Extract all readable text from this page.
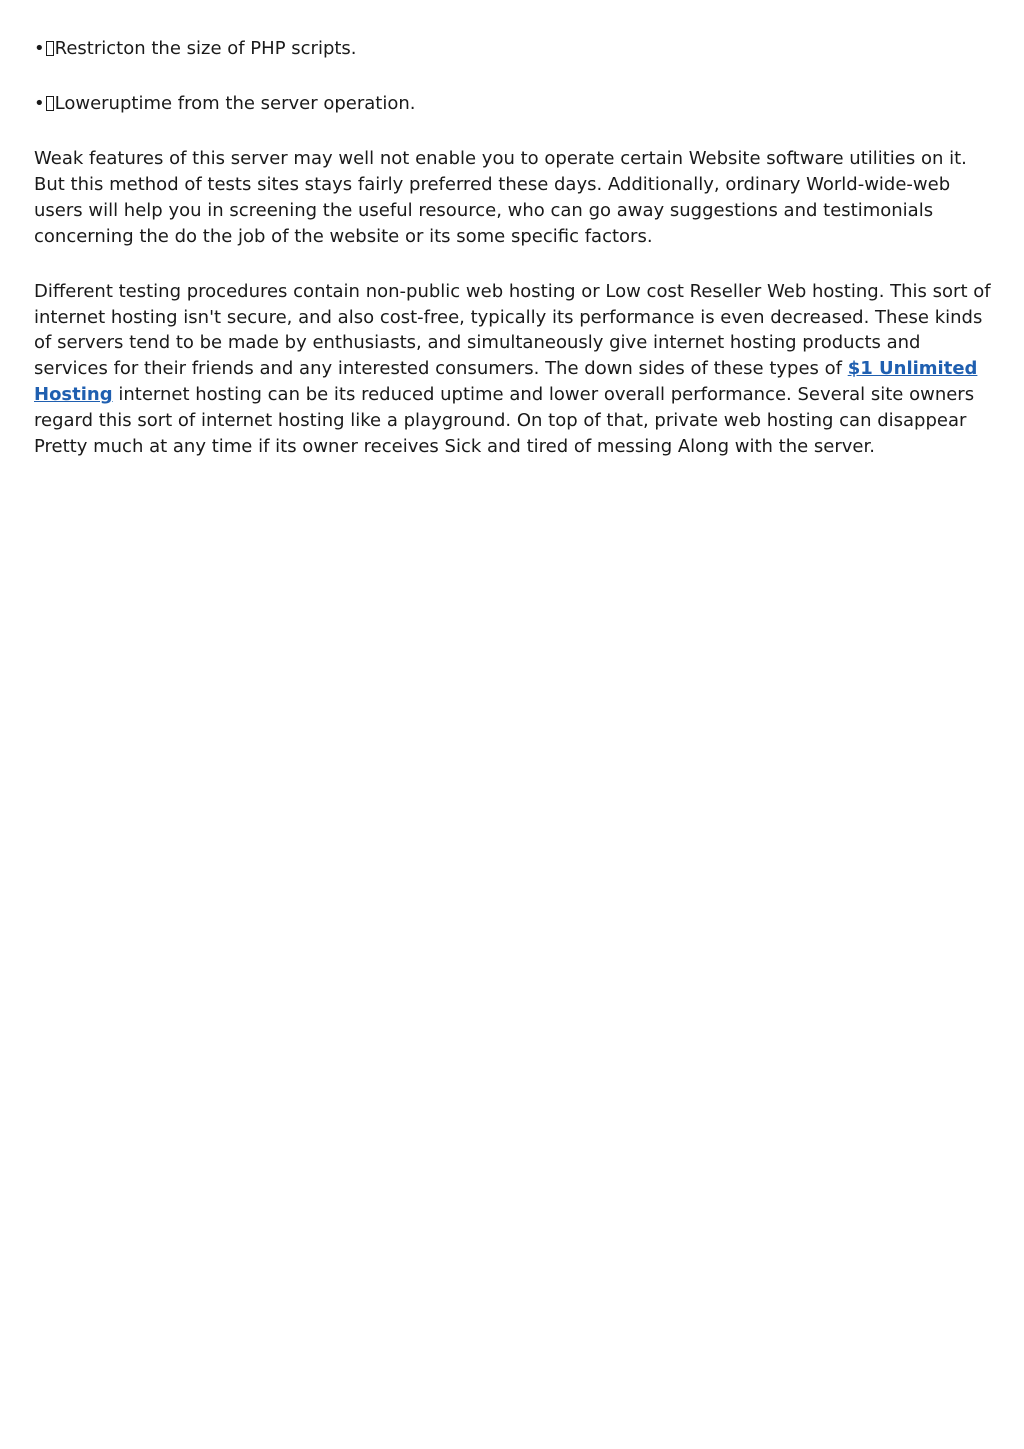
• Restricton the size of PHP scripts.
• Loweruptime from the server operation.

Weak features of this server may well not enable you to operate certain Website software utilities on it. But this method of tests sites stays fairly preferred these days. Additionally, ordinary World-wide-web users will help you in screening the useful resource, who can go away suggestions and testimonials concerning the do the job of the website or its some specific factors.

Different testing procedures contain non-public web hosting or Low cost Reseller Web hosting. This sort of internet hosting isn't secure, and also cost-free, typically its performance is even decreased. These kinds of servers tend to be made by enthusiasts, and simultaneously give internet hosting products and services for their friends and any interested consumers. The down sides of these types of $1 Unlimited Hosting internet hosting can be its reduced uptime and lower overall performance. Several site owners regard this sort of internet hosting like a playground. On top of that, private web hosting can disappear Pretty much at any time if its owner receives Sick and tired of messing Along with the server.
